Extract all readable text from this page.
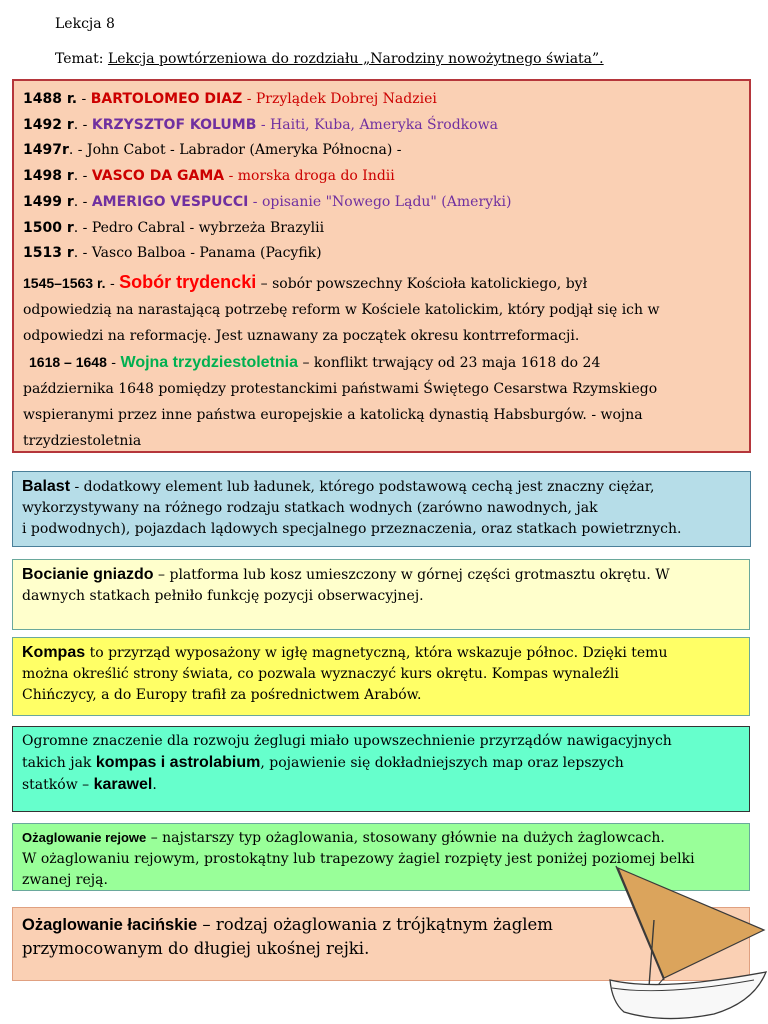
Lekcja 8
Temat: Lekcja powtórzeniowa do rozdziału „Narodziny nowożytnego świata”.
1488 r. - BARTOLOMEO DIAZ - Przylądek Dobrej Nadziei
1492 r. - KRZYSZTOF KOLUMB - Haiti, Kuba, Ameryka Środkowa
1497r. - John Cabot - Labrador (Ameryka Północna) -
1498 r. - VASCO DA GAMA - morska droga do Indii
1499 r. - AMERIGO VESPUCCI - opisanie "Nowego Lądu" (Ameryki)
1500 r. - Pedro Cabral - wybrzeża Brazylii
1513 r. - Vasco Balboa - Panama (Pacyfik)

1545–1563 r. - Sobór trydencki – sobór powszechny Kościoła katolickiego, był

odpowiedzią na narastającą potrzebę reform w Kościele katolickim, który podjął się ich w

odpowiedzi na reformację. Jest uznawany za początek okresu kontrreformacji.

1618 – 1648 - Wojna trzydziestoletnia – konflikt trwający od 23 maja 1618 do 24

października 1648 pomiędzy protestanckimi państwami Świętego Cesarstwa Rzymskiego

wspieranymi przez inne państwa europejskie a katolicką dynastią Habsburgów. - wojna

trzydziestoletnia

Balast - dodatkowy element lub ładunek, którego podstawową cechą jest znaczny ciężar,

wykorzystywany na różnego rodzaju statkach wodnych (zarówno nawodnych, jak

i podwodnych), pojazdach lądowych specjalnego przeznaczenia, oraz statkach powietrznych.

Bocianie gniazdo – platforma lub kosz umieszczony w górnej części grotmasztu okrętu. W

dawnych statkach pełniło funkcję pozycji obserwacyjnej.

Kompas to przyrząd wyposażony w igłę magnetyczną, która wskazuje północ. Dzięki temu

można określić strony świata, co pozwala wyznaczyć kurs okrętu. Kompas wynaleźli

Chińczycy, a do Europy trafił za pośrednictwem Arabów.

Ogromne znaczenie dla rozwoju żeglugi miało upowszechnienie przyrządów nawigacyjnych

takich jak kompas i astrolabium, pojawienie się dokładniejszych map oraz lepszych

statków – karawel.

Ożaglowanie rejowe – najstarszy typ ożaglowania, stosowany głównie na dużych żaglowcach.

W ożaglowaniu rejowym, prostokątny lub trapezowy żagiel rozpięty jest poniżej poziomej belki

zwanej reją.

Ożaglowanie łacińskie – rodzaj ożaglowania z trójkątnym żaglem

przymocowanym do długiej ukośnej rejki.
